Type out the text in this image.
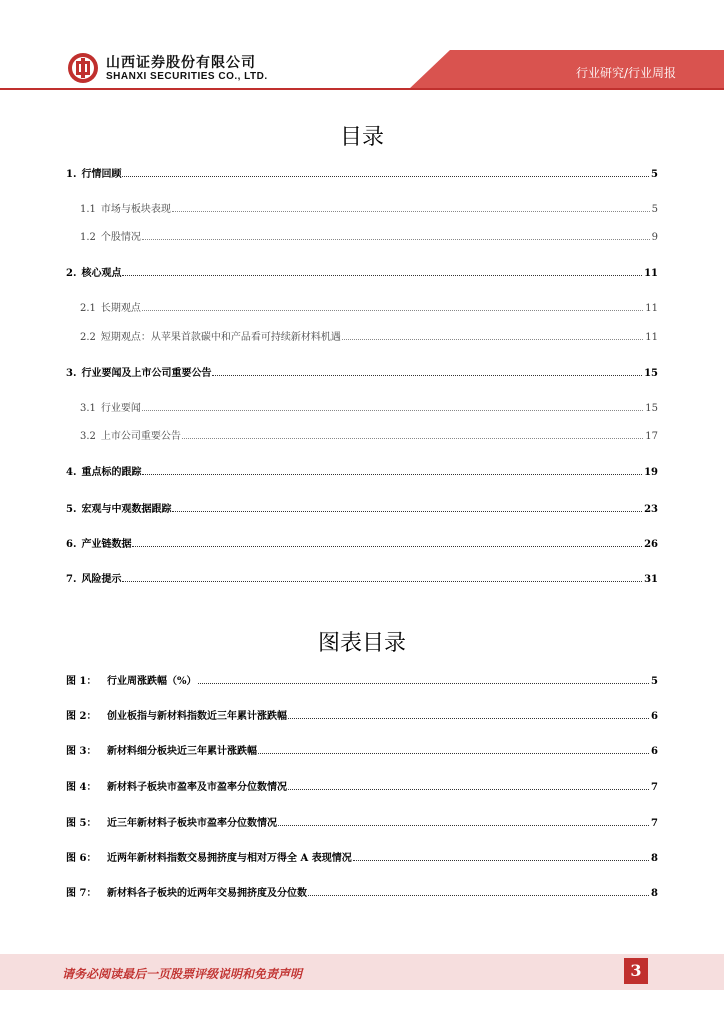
山西证券股份有限公司
SHANXI SECURITIES CO., LTD.	行业研究/行业周报
目录
1. 行情回顾	5
1.1 市场与板块表现	5
1.2 个股情况	9
2. 核心观点	11
2.1 长期观点	11
2.2 短期观点：从苹果首款碳中和产品看可持续新材料机遇	11
3. 行业要闻及上市公司重要公告	15
3.1 行业要闻	15
3.2 上市公司重要公告	17
4. 重点标的跟踪	19
5. 宏观与中观数据跟踪	23
6. 产业链数据	26
7. 风险提示	31
图表目录
图 1：	行业周涨跌幅（%）	5
图 2：	创业板指与新材料指数近三年累计涨跌幅	6
图 3：	新材料细分板块近三年累计涨跌幅	6
图 4：	新材料子板块市盈率及市盈率分位数情况	7
图 5：	近三年新材料子板块市盈率分位数情况	7
图 6：	近两年新材料指数交易拥挤度与相对万得全 A 表现情况	8
图 7：	新材料各子板块的近两年交易拥挤度及分位数	8
请务必阅读最后一页股票评级说明和免责声明	3
